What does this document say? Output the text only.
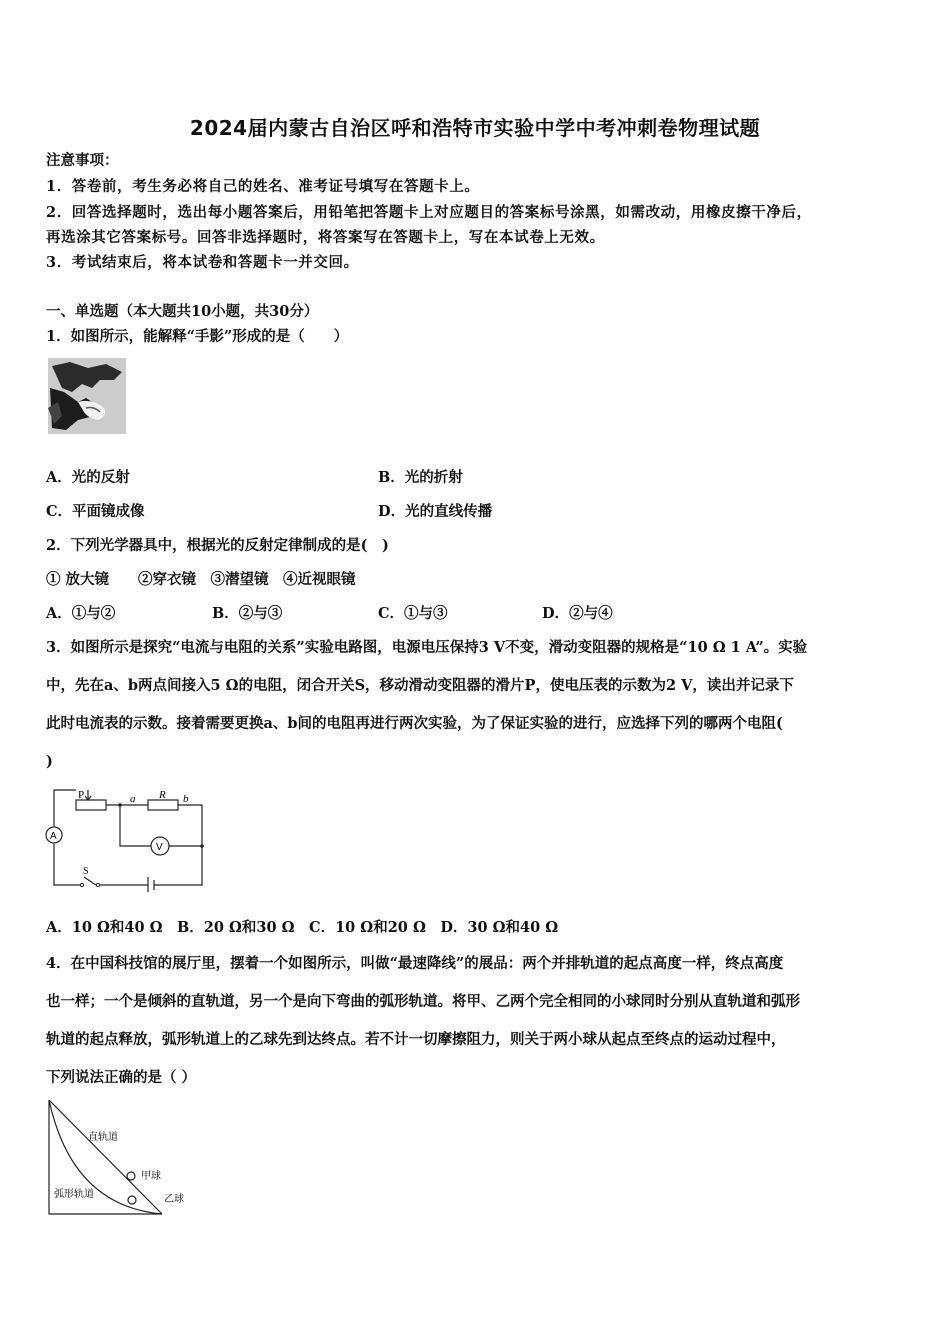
2024届内蒙古自治区呼和浩特市实验中学中考冲刺卷物理试题
注意事项：
1．答卷前，考生务必将自己的姓名、准考证号填写在答题卡上。
2．回答选择题时，选出每小题答案后，用铅笔把答题卡上对应题目的答案标号涂黑，如需改动，用橡皮擦干净后，
再选涂其它答案标号。回答非选择题时，将答案写在答题卡上，写在本试卷上无效。
3．考试结束后，将本试卷和答题卡一并交回。
一、单选题（本大题共10小题，共30分）
1．如图所示，能解释“手影”形成的是（　　）
A．光的反射	B．光的折射
C．平面镜成像	D．光的直线传播
2．下列光学器具中，根据光的反射定律制成的是(　)
① 放大镜　　②穿衣镜　③潜望镜　④近视眼镜
A．①与②	B．②与③	C．①与③	D．②与④
3．如图所示是探究“电流与电阻的关系”实验电路图，电源电压保持3 V不变，滑动变阻器的规格是“10 Ω 1 A”。实验
中，先在a、b两点间接入5 Ω的电阻，闭合开关S，移动滑动变阻器的滑片P，使电压表的示数为2 V，读出并记录下
此时电流表的示数。接着需要更换a、b间的电阻再进行两次实验，为了保证实验的进行，应选择下列的哪两个电阻(
)
P	a R b
A
V
S
A．10 Ω和40 Ω　B．20 Ω和30 Ω　C．10 Ω和20 Ω　D．30 Ω和40 Ω
4．在中国科技馆的展厅里，摆着一个如图所示，叫做“最速降线”的展品：两个并排轨道的起点高度一样，终点高度
也一样；一个是倾斜的直轨道，另一个是向下弯曲的弧形轨道。将甲、乙两个完全相同的小球同时分别从直轨道和弧形
轨道的起点释放，弧形轨道上的乙球先到达终点。若不计一切摩擦阻力，则关于两小球从起点至终点的运动过程中，
下列说法正确的是（ ）
直轨道
甲球
弧形轨道	乙球
